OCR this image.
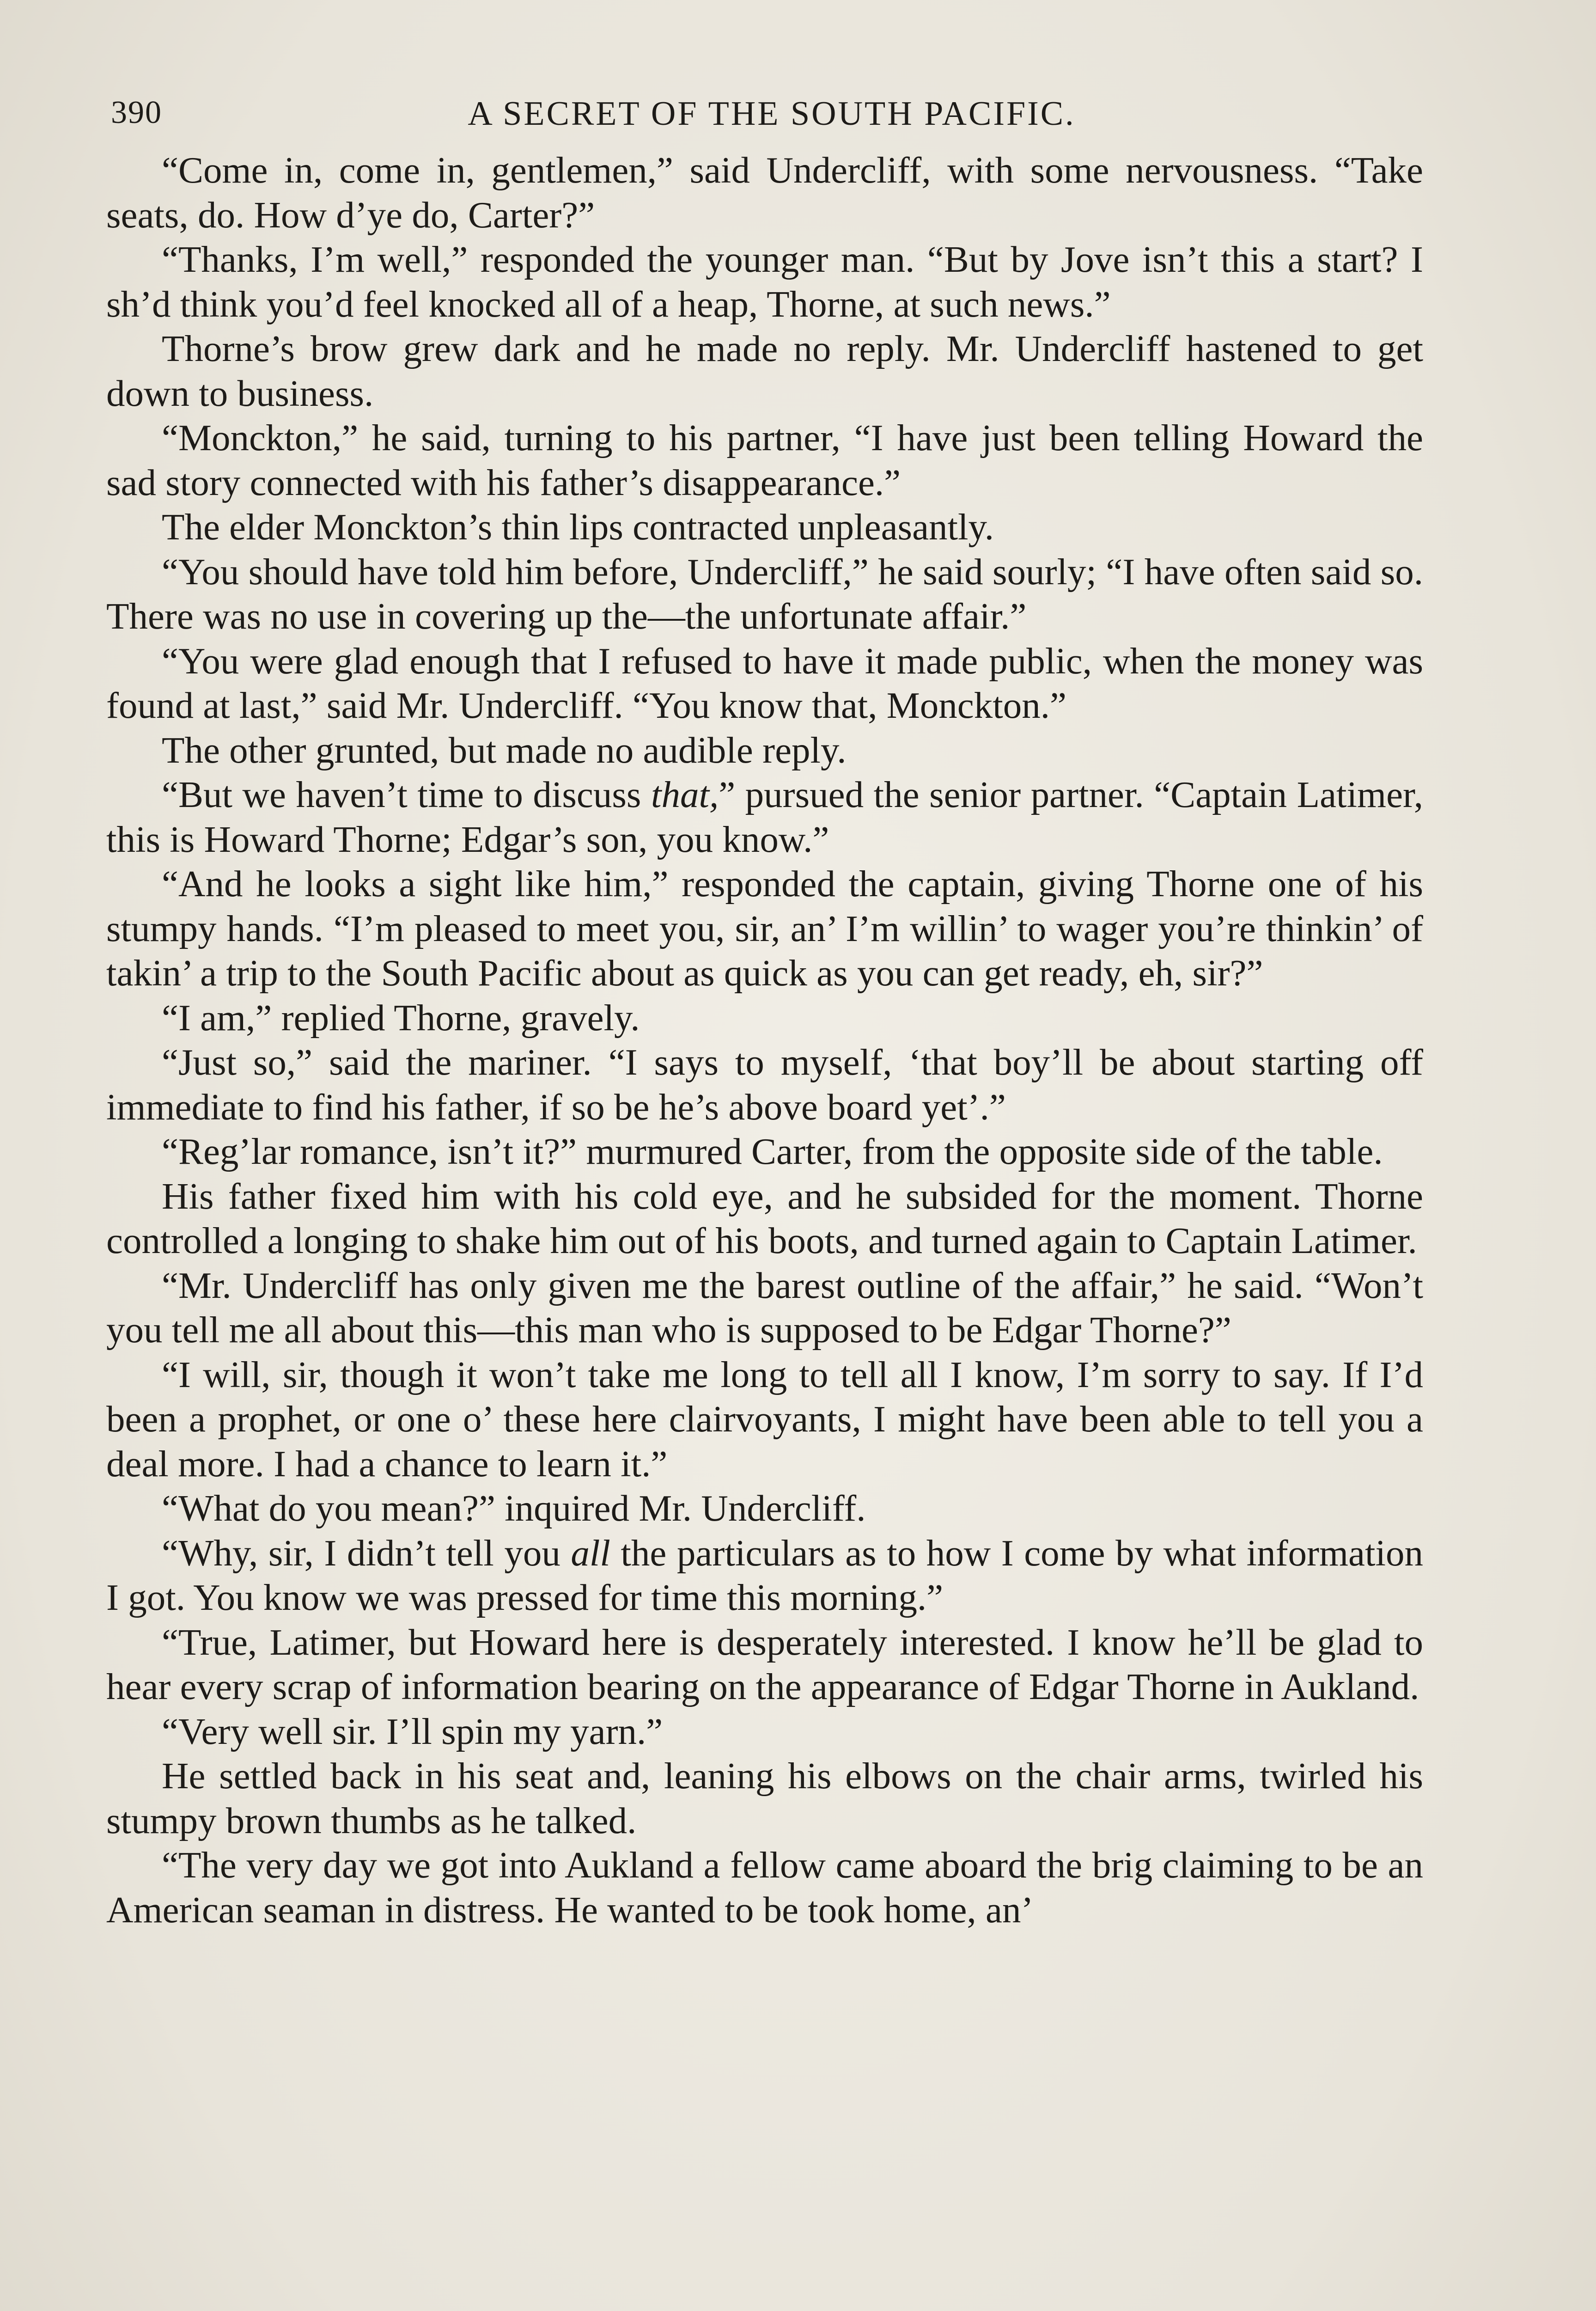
390	A SECRET OF THE SOUTH PACIFIC.

“Come in, come in, gentlemen,” said Undercliff, with some nervousness. “Take seats, do. How d’ye do, Carter?”

“Thanks, I’m well,” responded the younger man. “But by Jove isn’t this a start? I sh’d think you’d feel knocked all of a heap, Thorne, at such news.”

Thorne’s brow grew dark and he made no reply. Mr. Undercliff hastened to get down to business.

“Monckton,” he said, turning to his partner, “I have just been telling Howard the sad story connected with his father’s disappearance.”

The elder Monckton’s thin lips contracted unpleasantly.

“You should have told him before, Undercliff,” he said sourly; “I have often said so. There was no use in covering up the—the unfortunate affair.”

“You were glad enough that I refused to have it made public, when the money was found at last,” said Mr. Undercliff. “You know that, Monckton.”

The other grunted, but made no audible reply.

“But we haven’t time to discuss that,” pursued the senior partner. “Captain Latimer, this is Howard Thorne; Edgar’s son, you know.”

“And he looks a sight like him,” responded the captain, giving Thorne one of his stumpy hands. “I’m pleased to meet you, sir, an’ I’m willin’ to wager you’re thinkin’ of takin’ a trip to the South Pacific about as quick as you can get ready, eh, sir?”

“I am,” replied Thorne, gravely.

“Just so,” said the mariner. “I says to myself, ‘that boy’ll be about starting off immediate to find his father, if so be he’s above board yet’.”

“Reg’lar romance, isn’t it?” murmured Carter, from the opposite side of the table.

His father fixed him with his cold eye, and he subsided for the moment. Thorne controlled a longing to shake him out of his boots, and turned again to Captain Latimer.

“Mr. Undercliff has only given me the barest outline of the affair,” he said. “Won’t you tell me all about this—this man who is supposed to be Edgar Thorne?”

“I will, sir, though it won’t take me long to tell all I know, I’m sorry to say. If I’d been a prophet, or one o’ these here clairvoyants, I might have been able to tell you a deal more. I had a chance to learn it.”

“What do you mean?” inquired Mr. Undercliff.

“Why, sir, I didn’t tell you all the particulars as to how I come by what information I got. You know we was pressed for time this morning.”

“True, Latimer, but Howard here is desperately interested. I know he’ll be glad to hear every scrap of information bearing on the appearance of Edgar Thorne in Aukland.

“Very well sir. I’ll spin my yarn.”

He settled back in his seat and, leaning his elbows on the chair arms, twirled his stumpy brown thumbs as he talked.

“The very day we got into Aukland a fellow came aboard the brig claiming to be an American seaman in distress. He wanted to be took home, an’
